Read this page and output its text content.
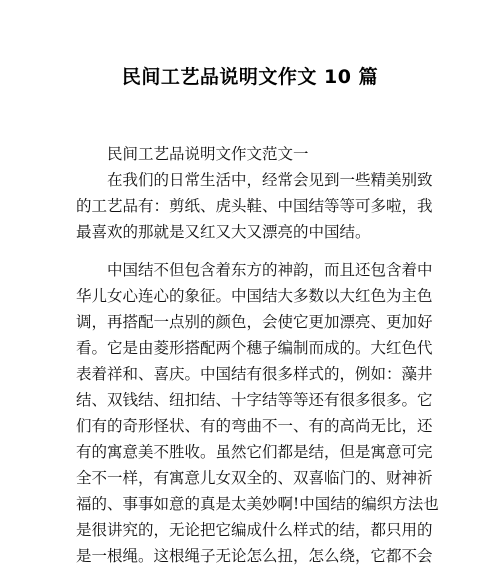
民间工艺品说明文作文 10 篇
民间工艺品说明文作文范文一
在我们的日常生活中，经常会见到一些精美别致
的工艺品有：剪纸、虎头鞋、中国结等等可多啦，我
最喜欢的那就是又红又大又漂亮的中国结。
中国结不但包含着东方的神韵，而且还包含着中
华儿女心连心的象征。中国结大多数以大红色为主色
调，再搭配一点别的颜色，会使它更加漂亮、更加好
看。它是由菱形搭配两个穗子编制而成的。大红色代
表着祥和、喜庆。中国结有很多样式的，例如：藻井
结、双钱结、纽扣结、十字结等等还有很多很多。它
们有的奇形怪状、有的弯曲不一、有的高尚无比，还
有的寓意美不胜收。虽然它们都是结，但是寓意可完
全不一样，有寓意儿女双全的、双喜临门的、财神祈
福的、事事如意的真是太美妙啊!中国结的编织方法也
是很讲究的，无论把它编成什么样式的结，都只用的
是一根绳。这根绳子无论怎么扭，怎么绕，它都不会
